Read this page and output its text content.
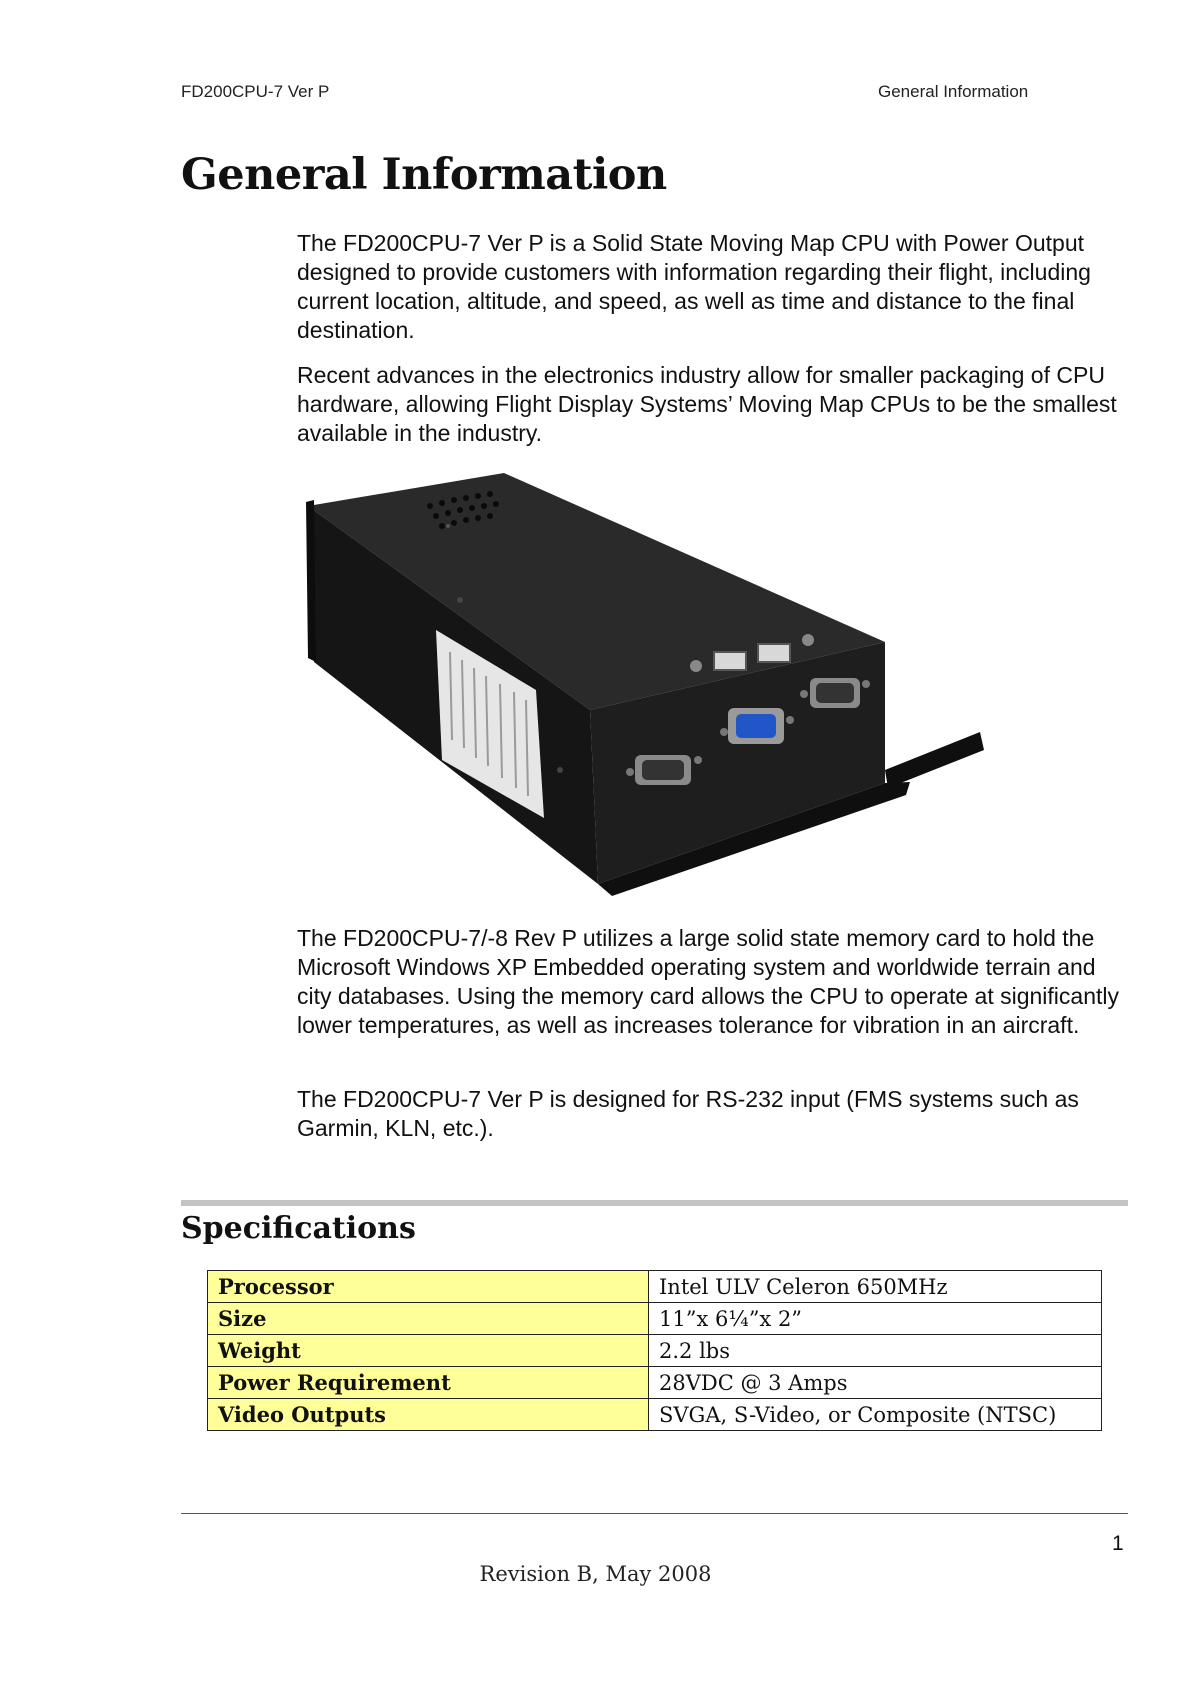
FD200CPU-7 Ver P	General Information
General Information

The FD200CPU-7 Ver P is a Solid State Moving Map CPU with Power Output designed to provide customers with information regarding their flight, including current location, altitude, and speed, as well as time and distance to the final destination.

Recent advances in the electronics industry allow for smaller packaging of CPU hardware, allowing Flight Display Systems’ Moving Map CPUs to be the smallest available in the industry.

The FD200CPU-7/-8 Rev P utilizes a large solid state memory card to hold the Microsoft Windows XP Embedded operating system and worldwide terrain and city databases. Using the memory card allows the CPU to operate at significantly lower temperatures, as well as increases tolerance for vibration in an aircraft.

The FD200CPU-7 Ver P is designed for RS-232 input (FMS systems such as Garmin, KLN, etc.).

Specifications
Processor	Intel ULV Celeron 650MHz
Size	11”x 6¼”x 2”
Weight	2.2 lbs
Power Requirement	28VDC @ 3 Amps
Video Outputs	SVGA, S-Video, or Composite (NTSC)
1
Revision B, May 2008
